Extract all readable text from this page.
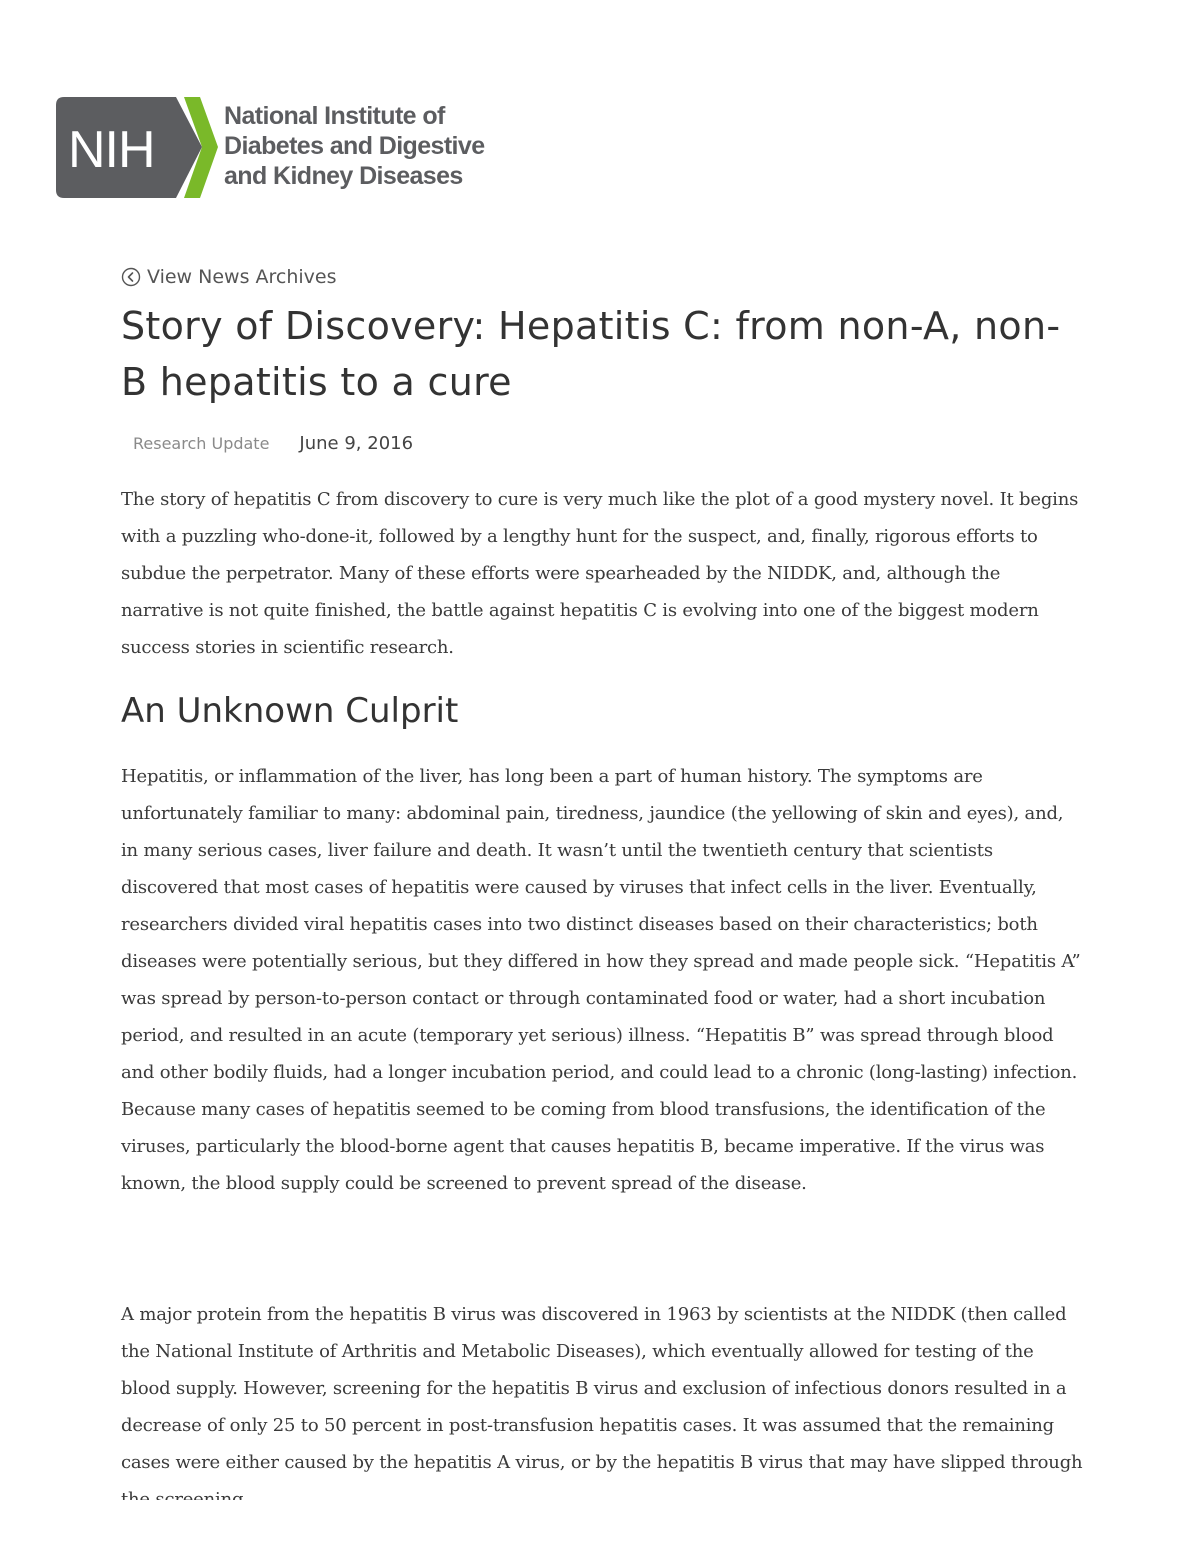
NIH
National Institute of
Diabetes and Digestive
and Kidney Diseases
View News Archives
Story of Discovery: Hepatitis C: from non-A, non-B hepatitis to a cure
Research Update June 9, 2016

The story of hepatitis C from discovery to cure is very much like the plot of a good mystery novel. It begins with a puzzling who-done-it, followed by a lengthy hunt for the suspect, and, finally, rigorous efforts to subdue the perpetrator. Many of these efforts were spearheaded by the NIDDK, and, although the narrative is not quite finished, the battle against hepatitis C is evolving into one of the biggest modern success stories in scientific research.

An Unknown Culprit

Hepatitis, or inflammation of the liver, has long been a part of human history. The symptoms are unfortunately familiar to many: abdominal pain, tiredness, jaundice (the yellowing of skin and eyes), and, in many serious cases, liver failure and death. It wasn’t until the twentieth century that scientists discovered that most cases of hepatitis were caused by viruses that infect cells in the liver. Eventually, researchers divided viral hepatitis cases into two distinct diseases based on their characteristics; both diseases were potentially serious, but they differed in how they spread and made people sick. “Hepatitis A” was spread by person-to-person contact or through contaminated food or water, had a short incubation period, and resulted in an acute (temporary yet serious) illness. “Hepatitis B” was spread through blood and other bodily fluids, had a longer incubation period, and could lead to a chronic (long-lasting) infection. Because many cases of hepatitis seemed to be coming from blood transfusions, the identification of the viruses, particularly the blood-borne agent that causes hepatitis B, became imperative. If the virus was known, the blood supply could be screened to prevent spread of the disease.

A major protein from the hepatitis B virus was discovered in 1963 by scientists at the NIDDK (then called the National Institute of Arthritis and Metabolic Diseases), which eventually allowed for testing of the blood supply. However, screening for the hepatitis B virus and exclusion of infectious donors resulted in a decrease of only 25 to 50 percent in post-transfusion hepatitis cases. It was assumed that the remaining cases were either caused by the hepatitis A virus, or by the hepatitis B virus that may have slipped through
